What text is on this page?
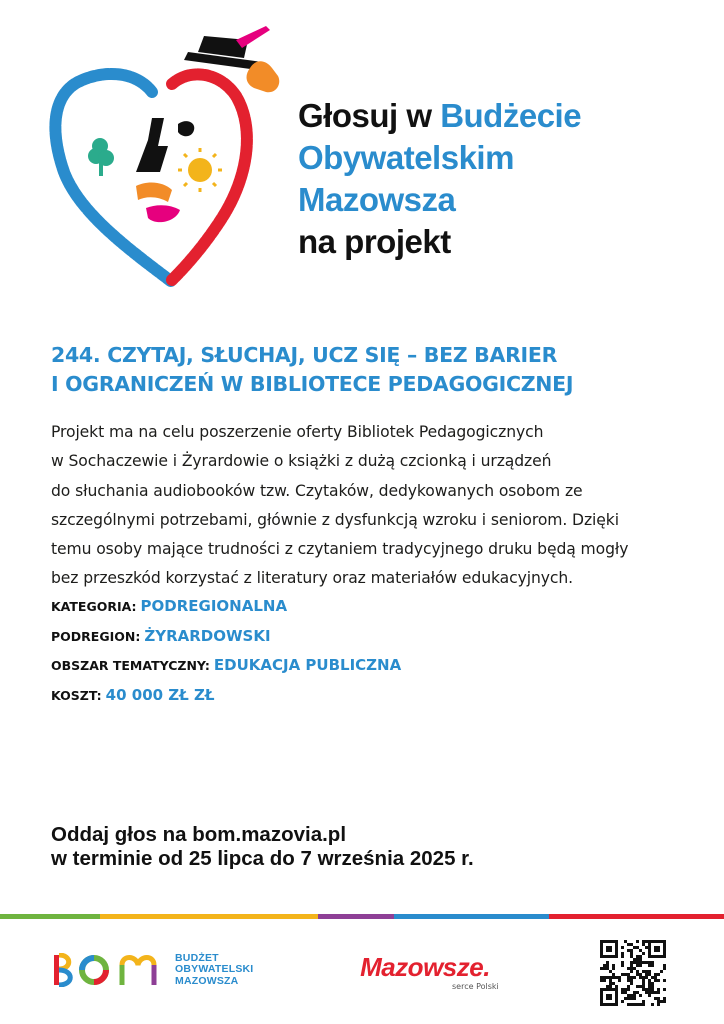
Głosuj w Budżecie
Obywatelskim
Mazowsza
na projekt
244. CZYTAJ, SŁUCHAJ, UCZ SIĘ – BEZ BARIER
I OGRANICZEŃ W BIBLIOTECE PEDAGOGICZNEJ
Projekt ma na celu poszerzenie oferty Bibliotek Pedagogicznych
w Sochaczewie i Żyrardowie o książki z dużą czcionką i urządzeń
do słuchania audiobooków tzw. Czytaków, dedykowanych osobom ze
szczególnymi potrzebami, głównie z dysfunkcją wzroku i seniorom. Dzięki
temu osoby mające trudności z czytaniem tradycyjnego druku będą mogły
bez przeszkód korzystać z literatury oraz materiałów edukacyjnych.
KATEGORIA: PODREGIONALNA
PODREGION: ŻYRARDOWSKI
OBSZAR TEMATYCZNY: EDUKACJA PUBLICZNA
KOSZT: 40 000 ZŁ ZŁ
Oddaj głos na bom.mazovia.pl
w terminie od 25 lipca do 7 września 2025 r.
BUDŻET
OBYWATELSKI
MAZOWSZA	Mazowsze.
serce Polski
